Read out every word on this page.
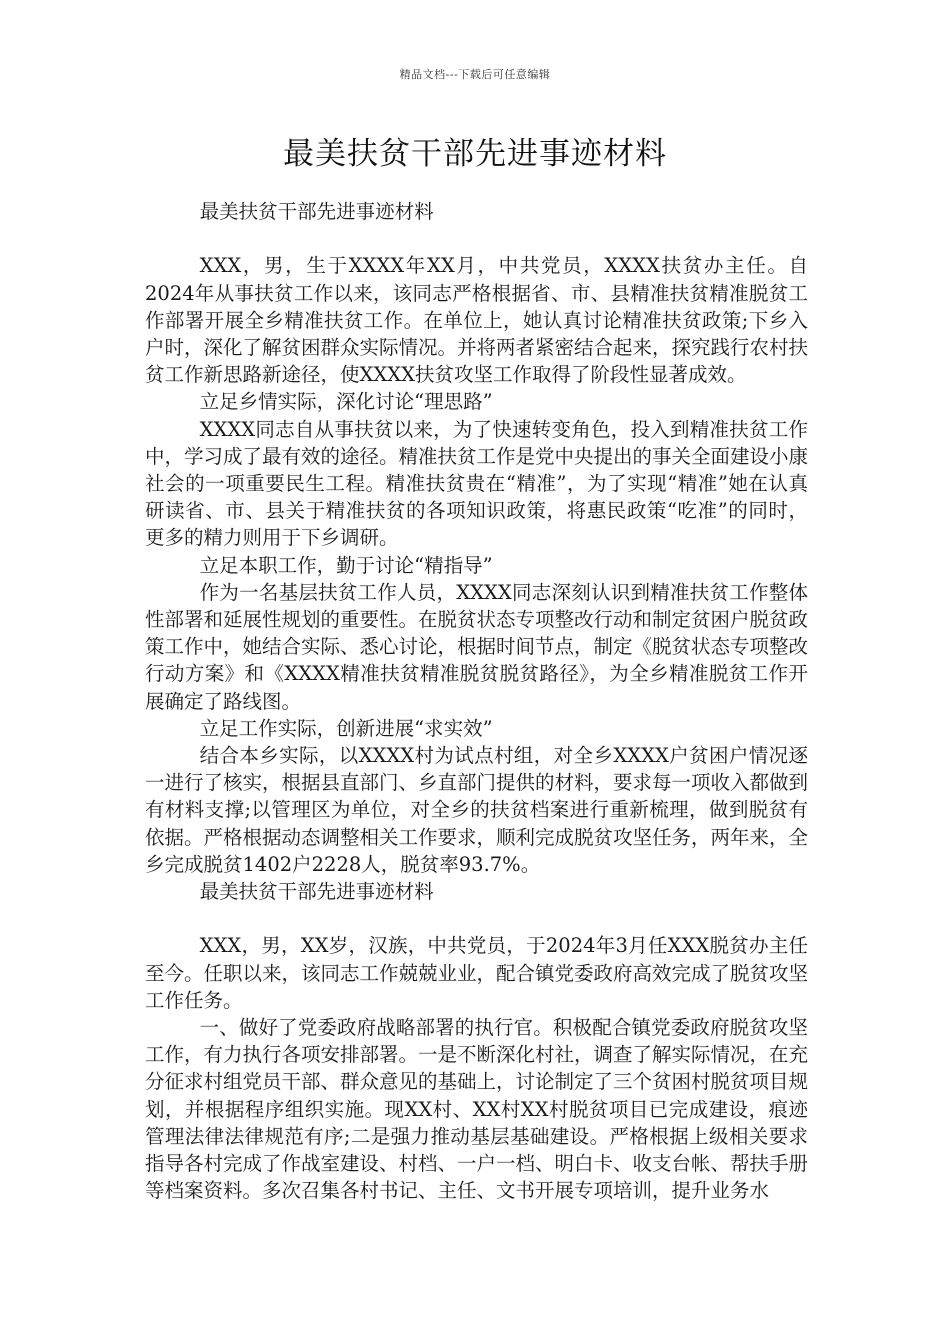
精品文档---下载后可任意编辑
最美扶贫干部先进事迹材料

最美扶贫干部先进事迹材料

XXX，男，生于XXXX年XX月，中共党员，XXXX扶贫办主任。自2024年从事扶贫工作以来，该同志严格根据省、市、县精准扶贫精准脱贫工作部署开展全乡精准扶贫工作。在单位上，她认真讨论精准扶贫政策;下乡入户时，深化了解贫困群众实际情况。并将两者紧密结合起来，探究践行农村扶贫工作新思路新途径，使XXXX扶贫攻坚工作取得了阶段性显著成效。

立足乡情实际，深化讨论“理思路”

XXXX同志自从事扶贫以来，为了快速转变角色，投入到精准扶贫工作中，学习成了最有效的途径。精准扶贫工作是党中央提出的事关全面建设小康社会的一项重要民生工程。精准扶贫贵在“精准”，为了实现“精准”她在认真研读省、市、县关于精准扶贫的各项知识政策，将惠民政策“吃准”的同时，更多的精力则用于下乡调研。

立足本职工作，勤于讨论“精指导”

作为一名基层扶贫工作人员，XXXX同志深刻认识到精准扶贫工作整体性部署和延展性规划的重要性。在脱贫状态专项整改行动和制定贫困户脱贫政策工作中，她结合实际、悉心讨论，根据时间节点，制定《脱贫状态专项整改行动方案》和《XXXX精准扶贫精准脱贫脱贫路径》，为全乡精准脱贫工作开展确定了路线图。

立足工作实际，创新进展“求实效”

结合本乡实际，以XXXX村为试点村组，对全乡XXXX户贫困户情况逐一进行了核实，根据县直部门、乡直部门提供的材料，要求每一项收入都做到有材料支撑;以管理区为单位，对全乡的扶贫档案进行重新梳理，做到脱贫有依据。严格根据动态调整相关工作要求，顺利完成脱贫攻坚任务，两年来，全乡完成脱贫1402户2228人，脱贫率93.7%。

最美扶贫干部先进事迹材料

XXX，男，XX岁，汉族，中共党员，于2024年3月任XXX脱贫办主任至今。任职以来，该同志工作兢兢业业，配合镇党委政府高效完成了脱贫攻坚工作任务。

一、做好了党委政府战略部署的执行官。积极配合镇党委政府脱贫攻坚工作，有力执行各项安排部署。一是不断深化村社，调查了解实际情况，在充分征求村组党员干部、群众意见的基础上，讨论制定了三个贫困村脱贫项目规划，并根据程序组织实施。现XX村、XX村XX村脱贫项目已完成建设，痕迹管理法律法律规范有序;二是强力推动基层基础建设。严格根据上级相关要求指导各村完成了作战室建设、村档、一户一档、明白卡、收支台帐、帮扶手册等档案资料。多次召集各村书记、主任、文书开展专项培训，提升业务水
